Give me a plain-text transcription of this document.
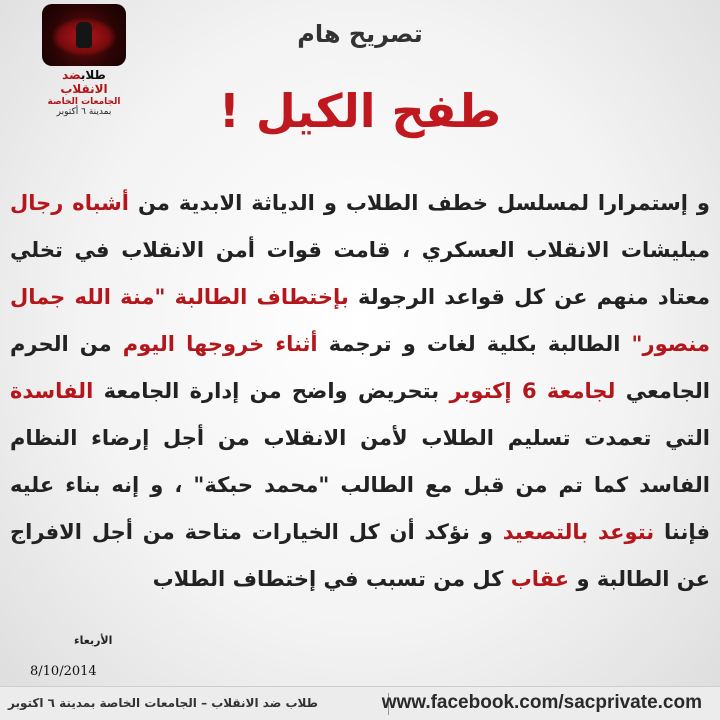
طلابضد الانقلاب
الجامعات الخاصة
بمدينة ٦ أكتوبر
تصريح هام
طفح الكيل !
و إستمرارا لمسلسل خطف الطلاب و الدياثة الابدية من أشباه رجال ميليشات الانقلاب العسكري ، قامت قوات أمن الانقلاب في تخلي معتاد منهم عن كل قواعد الرجولة بإختطاف الطالبة "منة الله جمال منصور" الطالبة بكلية لغات و ترجمة أثناء خروجها اليوم من الحرم الجامعي لجامعة 6 إكتوبر بتحريض واضح من إدارة الجامعة الفاسدة التي تعمدت تسليم الطلاب لأمن الانقلاب من أجل إرضاء النظام الفاسد كما تم من قبل مع الطالب "محمد حبكة" ، و إنه بناء عليه فإننا نتوعد بالتصعيد و نؤكد أن كل الخيارات متاحة من أجل الافراج عن الطالبة و عقاب كل من تسبب في إختطاف الطلاب
الأربعاء
8/10/2014
طلاب ضد الانقلاب – الجامعات الخاصة بمدينة ٦ اكتوبر	www.facebook.com/sacprivate.com
